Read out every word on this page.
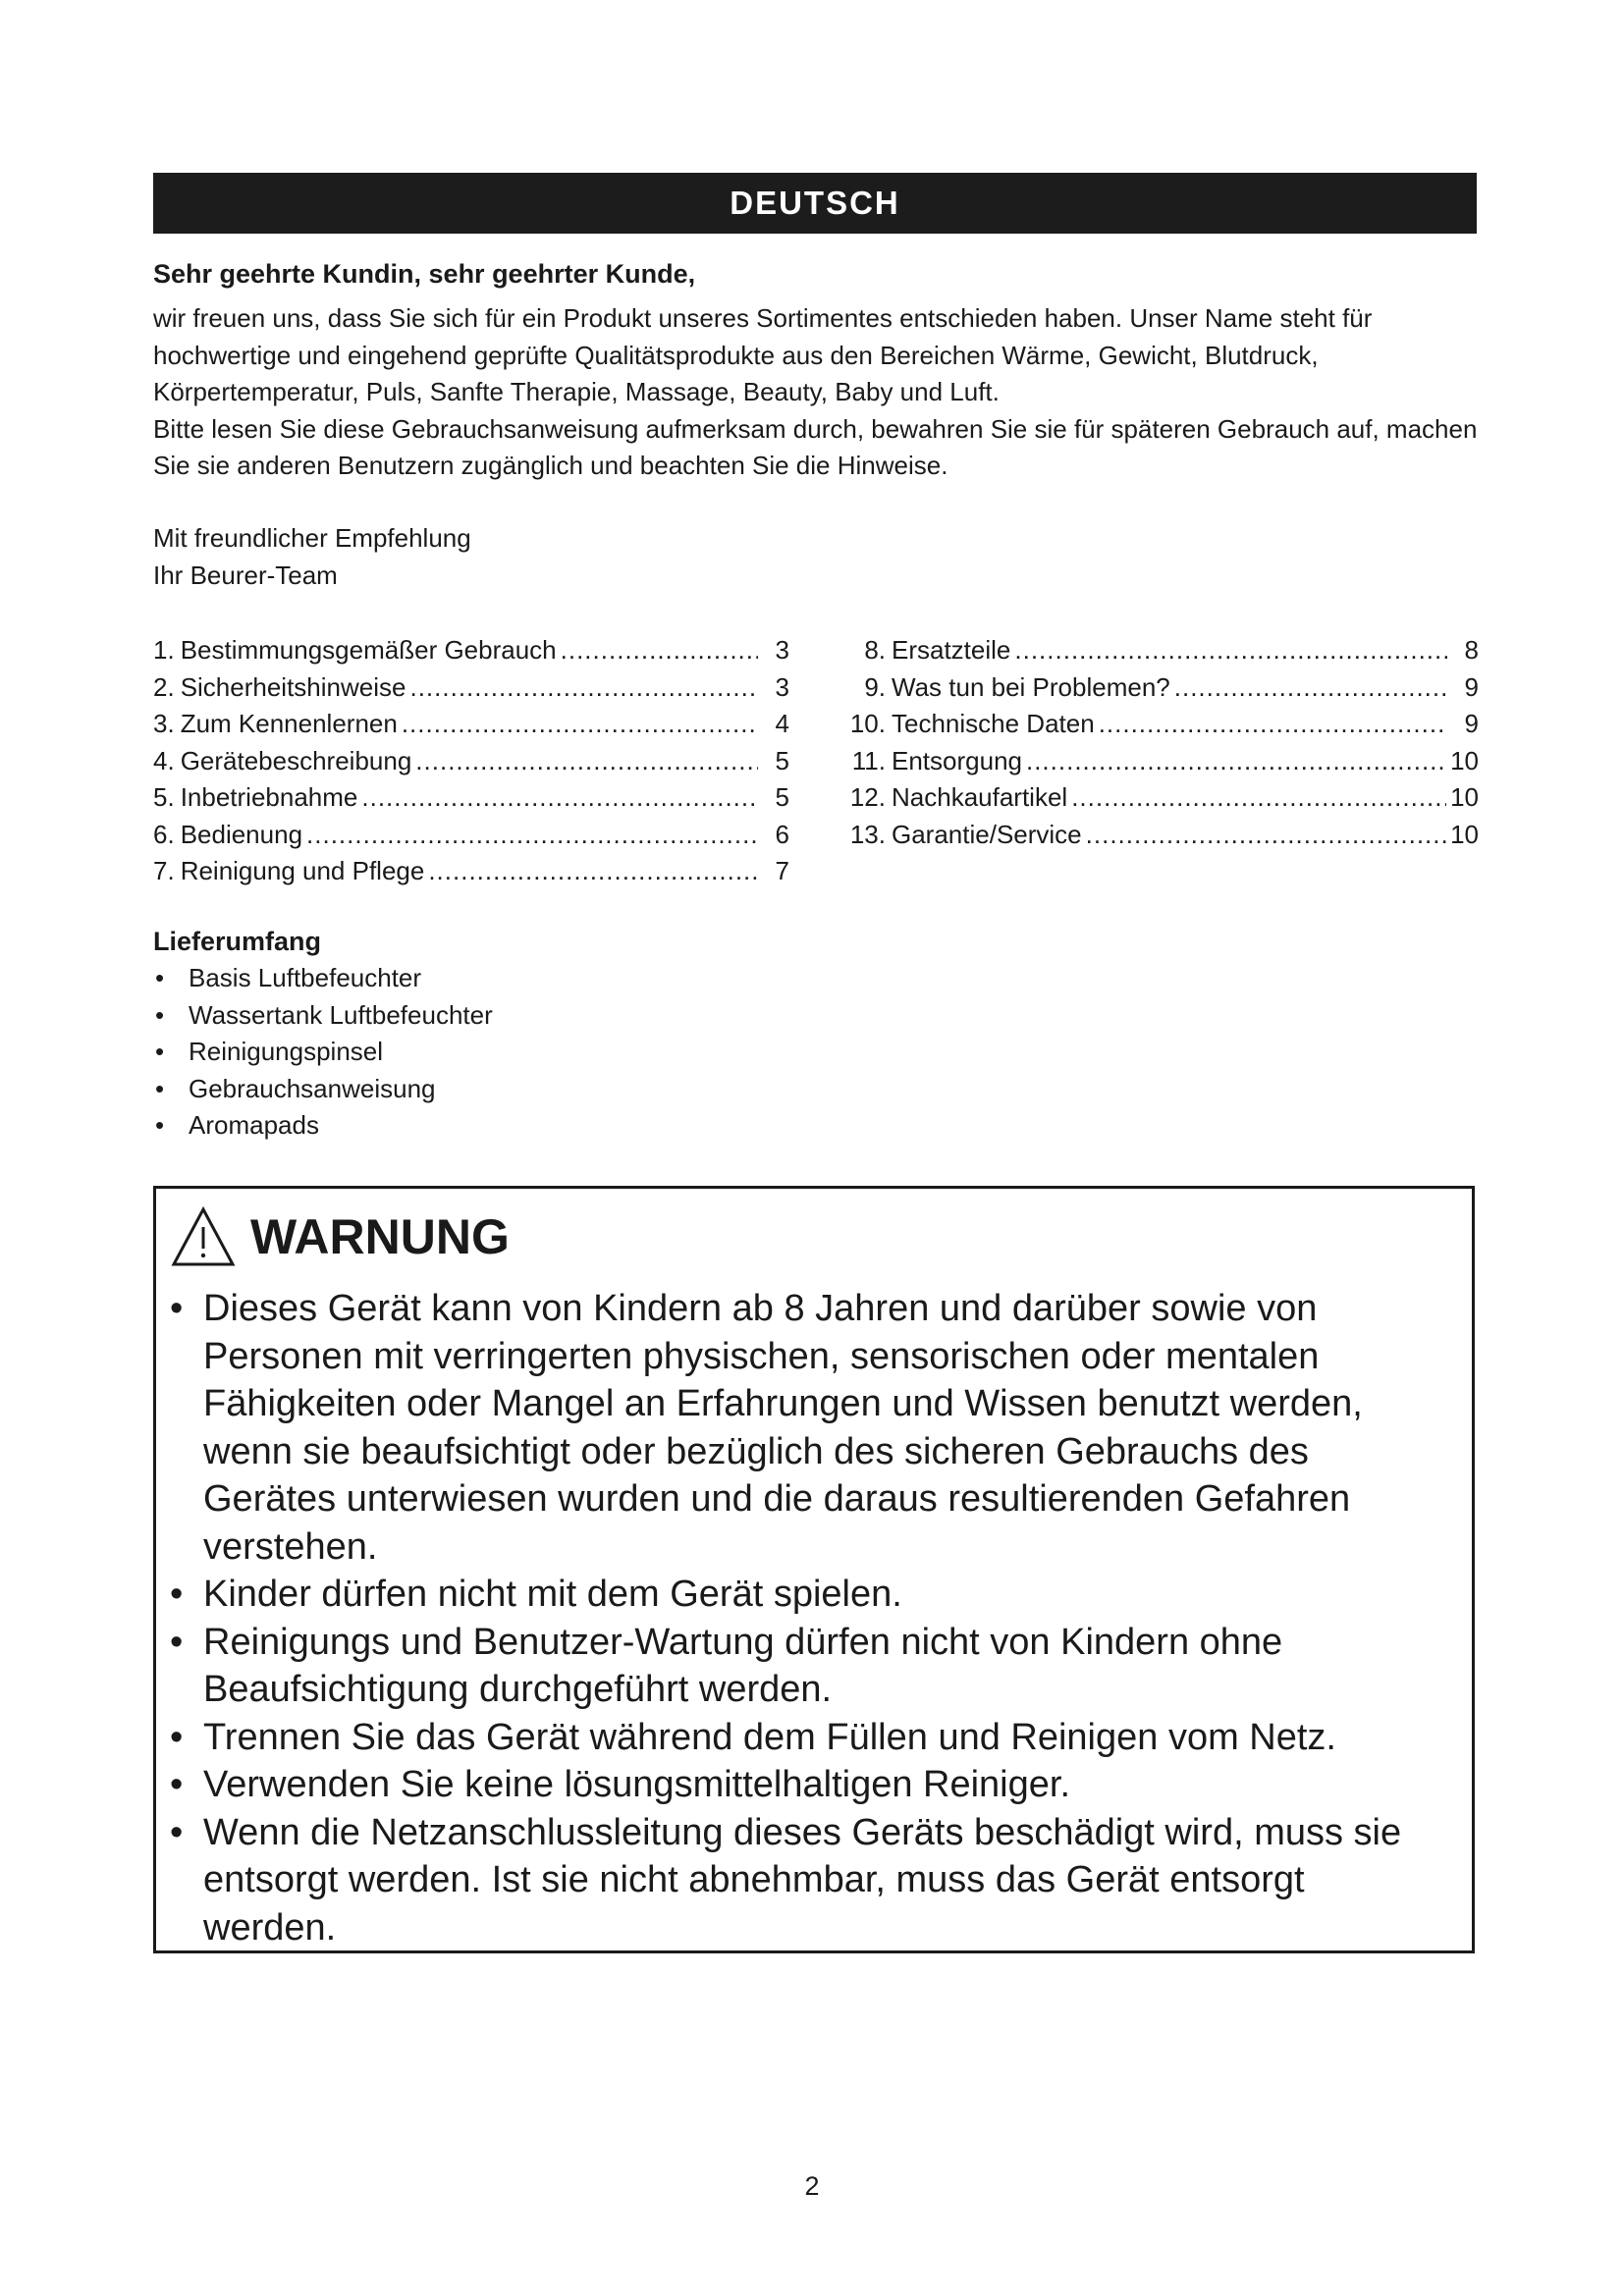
DEUTSCH
Sehr geehrte Kundin, sehr geehrter Kunde,

wir freuen uns, dass Sie sich für ein Produkt unseres Sortimentes entschieden haben. Unser Name steht für hochwertige und eingehend geprüfte Qualitätsprodukte aus den Bereichen Wärme, Gewicht, Blutdruck, Körpertemperatur, Puls, Sanfte Therapie, Massage, Beauty, Baby und Luft.

Bitte lesen Sie diese Gebrauchsanweisung aufmerksam durch, bewahren Sie sie für späteren Gebrauch auf, machen Sie sie anderen Benutzern zugänglich und beachten Sie die Hinweise.

Mit freundlicher Empfehlung

Ihr Beurer-Team

1. Bestimmungsgemäßer Gebrauch .....	3
2. Sicherheitshinweise .....	3
3. Zum Kennenlernen .....	4
4. Gerätebeschreibung .....	5
5. Inbetriebnahme .....	5
6. Bedienung .....	6
7. Reinigung und Pflege .....	7
8. Ersatzteile .....	8
9. Was tun bei Problemen? .....	9
10. Technische Daten .....	9
11. Entsorgung .....	10
12. Nachkaufartikel .....	10
13. Garantie/Service .....	10
Lieferumfang
• Basis Luftbefeuchter
• Wassertank Luftbefeuchter
• Reinigungspinsel
• Gebrauchsanweisung
• Aromapads
WARNUNG
• Dieses Gerät kann von Kindern ab 8 Jahren und darüber sowie von Personen mit verringerten physischen, sensorischen oder mentalen Fähigkeiten oder Mangel an Erfahrungen und Wissen benutzt werden, wenn sie beaufsichtigt oder bezüglich des sicheren Gebrauchs des Gerätes unterwiesen wurden und die daraus resultierenden Gefahren verstehen.
• Kinder dürfen nicht mit dem Gerät spielen.
• Reinigungs und Benutzer-Wartung dürfen nicht von Kindern ohne Beaufsichtigung durchgeführt werden.
• Trennen Sie das Gerät während dem Füllen und Reinigen vom Netz.
• Verwenden Sie keine lösungsmittelhaltigen Reiniger.
• Wenn die Netzanschlussleitung dieses Geräts beschädigt wird, muss sie entsorgt werden. Ist sie nicht abnehmbar, muss das Gerät entsorgt werden.
2
